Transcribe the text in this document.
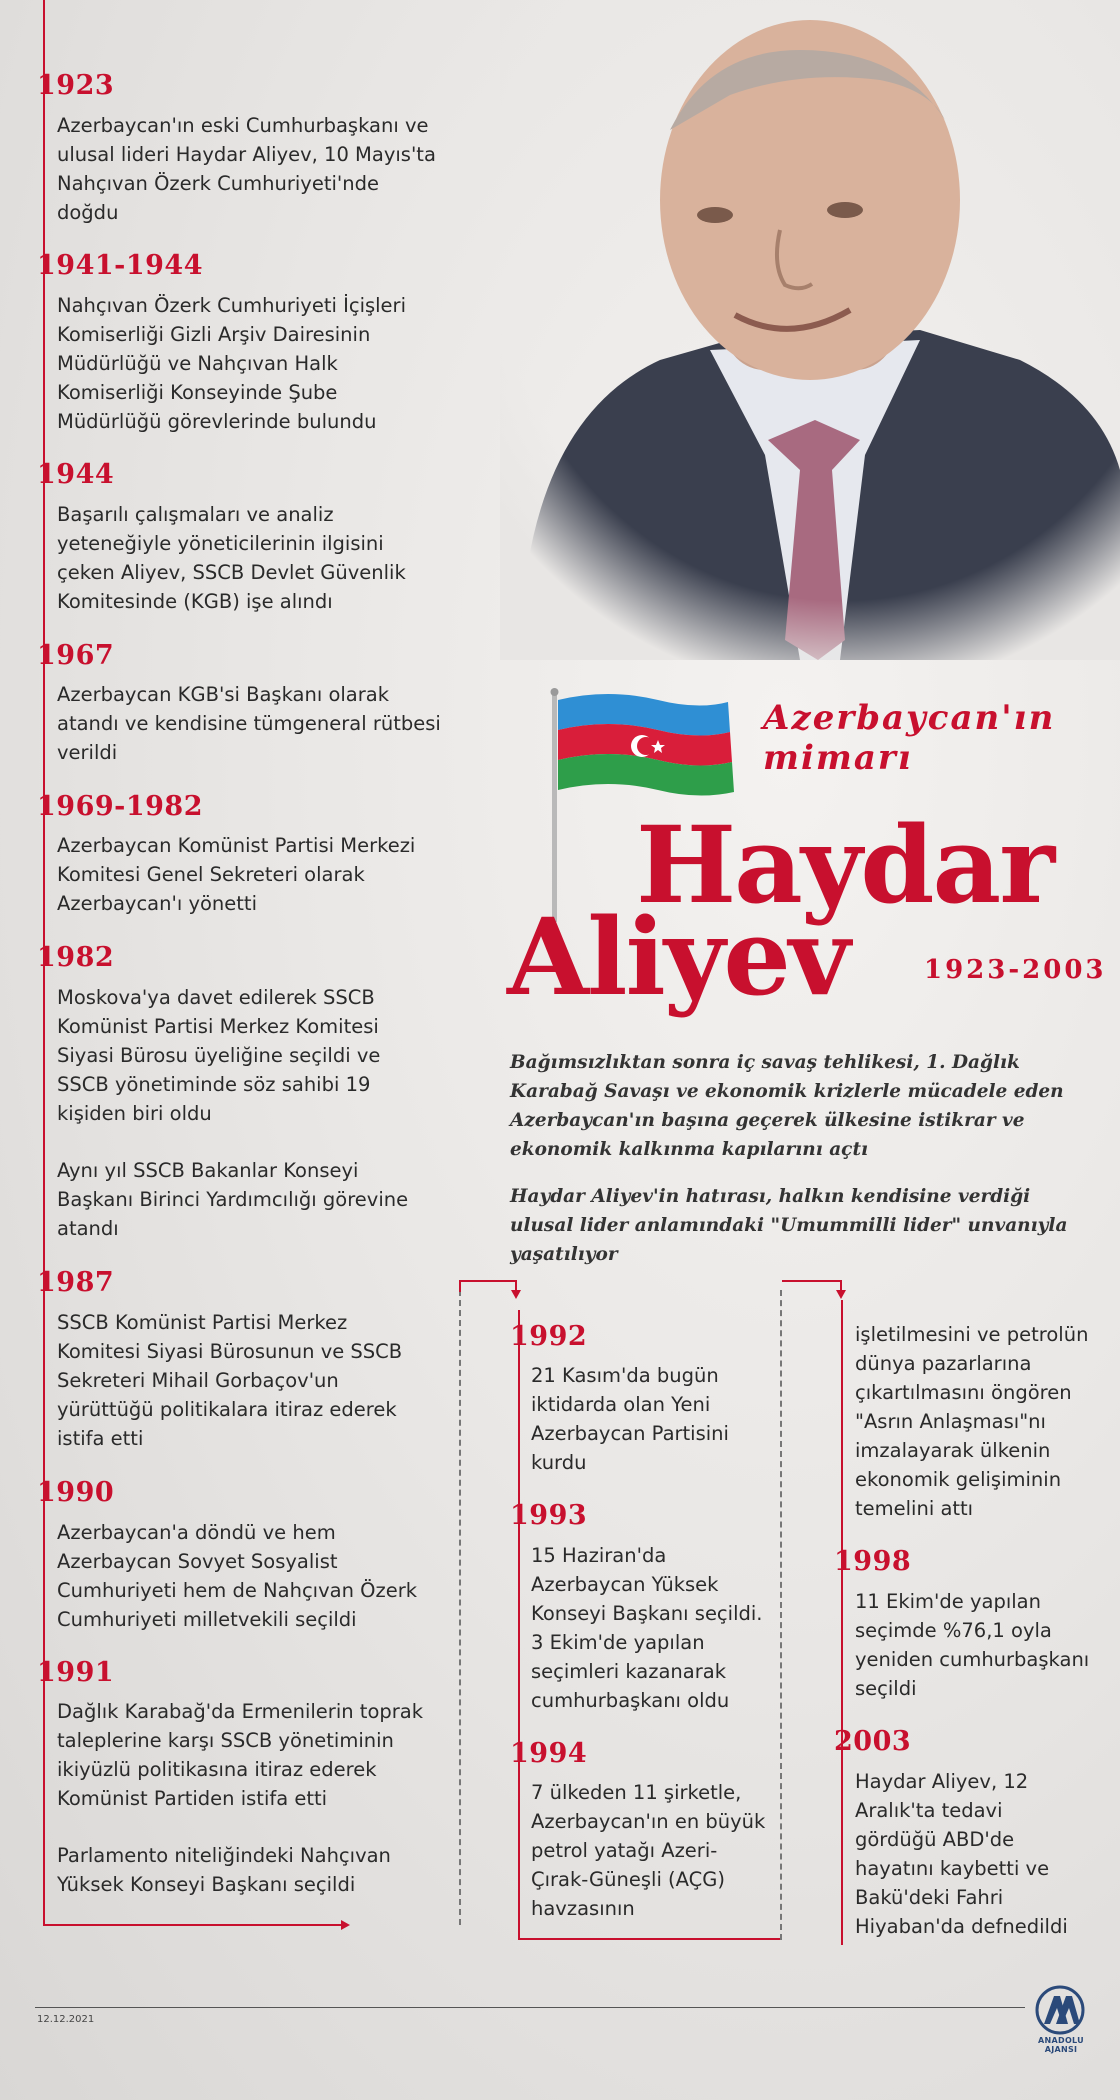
Azerbaycan'ın
mimarı

Haydar

Aliyev	1923-2003

Bağımsızlıktan sonra iç savaş tehlikesi, 1. Dağlık Karabağ Savaşı ve ekonomik krizlerle mücadele eden Azerbaycan'ın başına geçerek ülkesine istikrar ve ekonomik kalkınma kapılarını açtı

Haydar Aliyev'in hatırası, halkın kendisine verdiği ulusal lider anlamındaki "Umummilli lider" unvanıyla yaşatılıyor

1923

Azerbaycan'ın eski Cumhurbaşkanı ve ulusal lideri Haydar Aliyev, 10 Mayıs'ta Nahçıvan Özerk Cumhuriyeti'nde doğdu

1941-1944

Nahçıvan Özerk Cumhuriyeti İçişleri Komiserliği Gizli Arşiv Dairesinin Müdürlüğü ve Nahçıvan Halk Komiserliği Konseyinde Şube Müdürlüğü görevlerinde bulundu

1944

Başarılı çalışmaları ve analiz yeteneğiyle yöneticilerinin ilgisini çeken Aliyev, SSCB Devlet Güvenlik Komitesinde (KGB) işe alındı

1967

Azerbaycan KGB'si Başkanı olarak atandı ve kendisine tümgeneral rütbesi verildi

1969-1982

Azerbaycan Komünist Partisi Merkezi Komitesi Genel Sekreteri olarak Azerbaycan'ı yönetti

1982

Moskova'ya davet edilerek SSCB Komünist Partisi Merkez Komitesi Siyasi Bürosu üyeliğine seçildi ve SSCB yönetiminde söz sahibi 19 kişiden biri oldu

Aynı yıl SSCB Bakanlar Konseyi Başkanı Birinci Yardımcılığı görevine atandı

1987

SSCB Komünist Partisi Merkez Komitesi Siyasi Bürosunun ve SSCB Sekreteri Mihail Gorbaçov'un yürüttüğü politikalara itiraz ederek istifa etti

1990

Azerbaycan'a döndü ve hem Azerbaycan Sovyet Sosyalist Cumhuriyeti hem de Nahçıvan Özerk Cumhuriyeti milletvekili seçildi

1991

Dağlık Karabağ'da Ermenilerin toprak taleplerine karşı SSCB yönetiminin ikiyüzlü politikasına itiraz ederek Komünist Partiden istifa etti

Parlamento niteliğindeki Nahçıvan Yüksek Konseyi Başkanı seçildi

1992

21 Kasım'da bugün iktidarda olan Yeni Azerbaycan Partisini kurdu

1993

15 Haziran'da Azerbaycan Yüksek Konseyi Başkanı seçildi. 3 Ekim'de yapılan seçimleri kazanarak cumhurbaşkanı oldu

1994

7 ülkeden 11 şirketle, Azerbaycan'ın en büyük petrol yatağı Azeri-Çırak-Güneşli (AÇG) havzasının

işletilmesini ve petrolün dünya pazarlarına çıkartılmasını öngören "Asrın Anlaşması"nı imzalayarak ülkenin ekonomik gelişiminin temelini attı

1998

11 Ekim'de yapılan seçimde %76,1 oyla yeniden cumhurbaşkanı seçildi

2003

Haydar Aliyev, 12 Aralık'ta tedavi gördüğü ABD'de hayatını kaybetti ve Bakü'deki Fahri Hiyaban'da defnedildi

12.12.2021
ANADOLU AJANSI
